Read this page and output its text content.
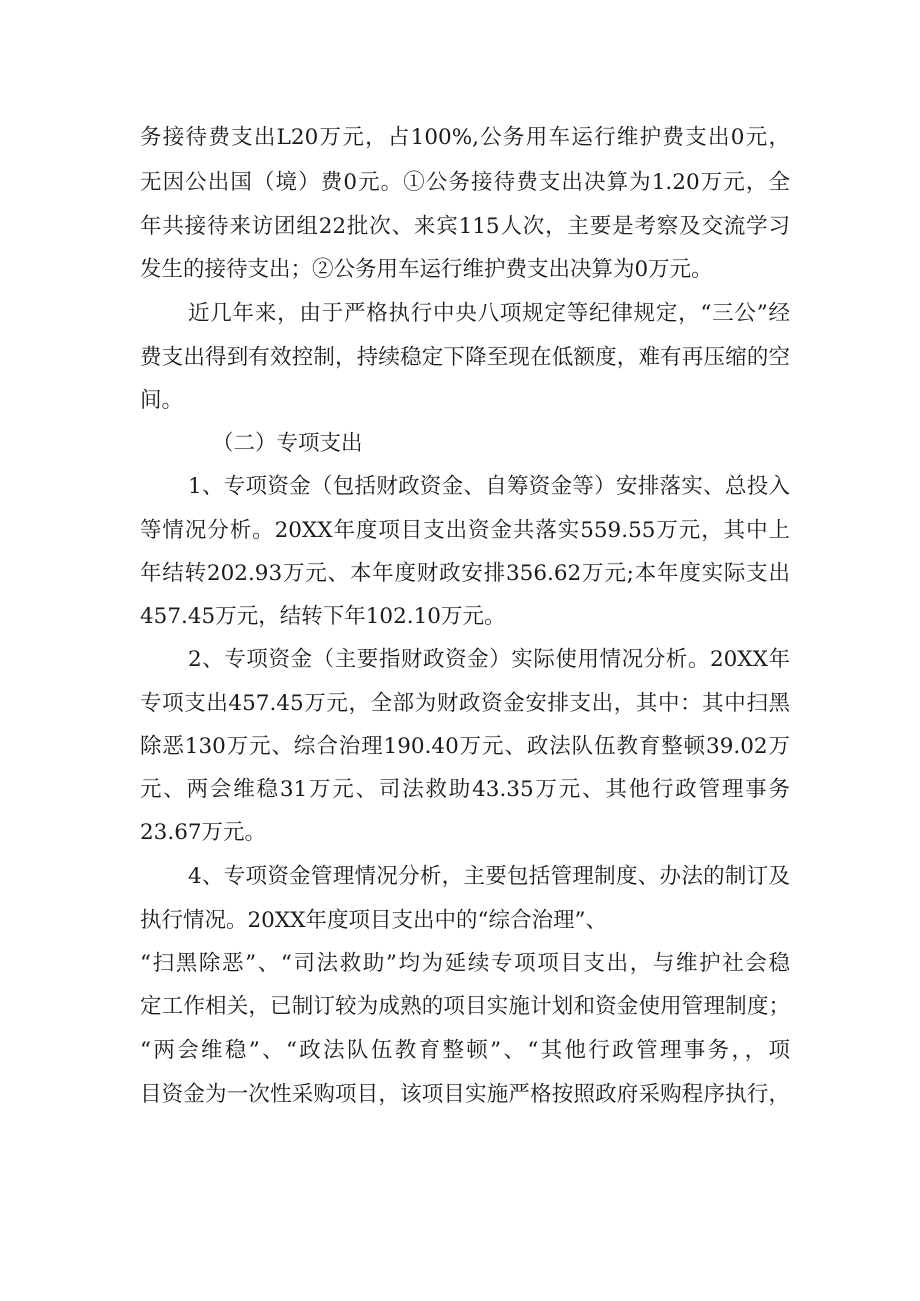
务接待费支出L20万元，占100%,公务用车运行维护费支出0元，
无因公出国（境）费0元。①公务接待费支出决算为1.20万元，全
年共接待来访团组22批次、来宾115人次，主要是考察及交流学习
发生的接待支出；②公务用车运行维护费支出决算为0万元。
近几年来，由于严格执行中央八项规定等纪律规定，“三公”经
费支出得到有效控制，持续稳定下降至现在低额度，难有再压缩的空
间。
（二）专项支出
1、专项资金（包括财政资金、自筹资金等）安排落实、总投入
等情况分析。20XX年度项目支出资金共落实559.55万元，其中上
年结转202.93万元、本年度财政安排356.62万元;本年度实际支出
457.45万元，结转下年102.10万元。
2、专项资金（主要指财政资金）实际使用情况分析。20XX年
专项支出457.45万元，全部为财政资金安排支出，其中：其中扫黑
除恶130万元、综合治理190.40万元、政法队伍教育整顿39.02万
元、两会维稳31万元、司法救助43.35万元、其他行政管理事务
23.67万元。
4、专项资金管理情况分析，主要包括管理制度、办法的制订及
执行情况。20XX年度项目支出中的“综合治理”、
“扫黑除恶”、“司法救助”均为延续专项项目支出，与维护社会稳
定工作相关，已制订较为成熟的项目实施计划和资金使用管理制度；
“两会维稳”、“政法队伍教育整顿”、“其他行政管理事务，，项
目资金为一次性采购项目，该项目实施严格按照政府采购程序执行，
